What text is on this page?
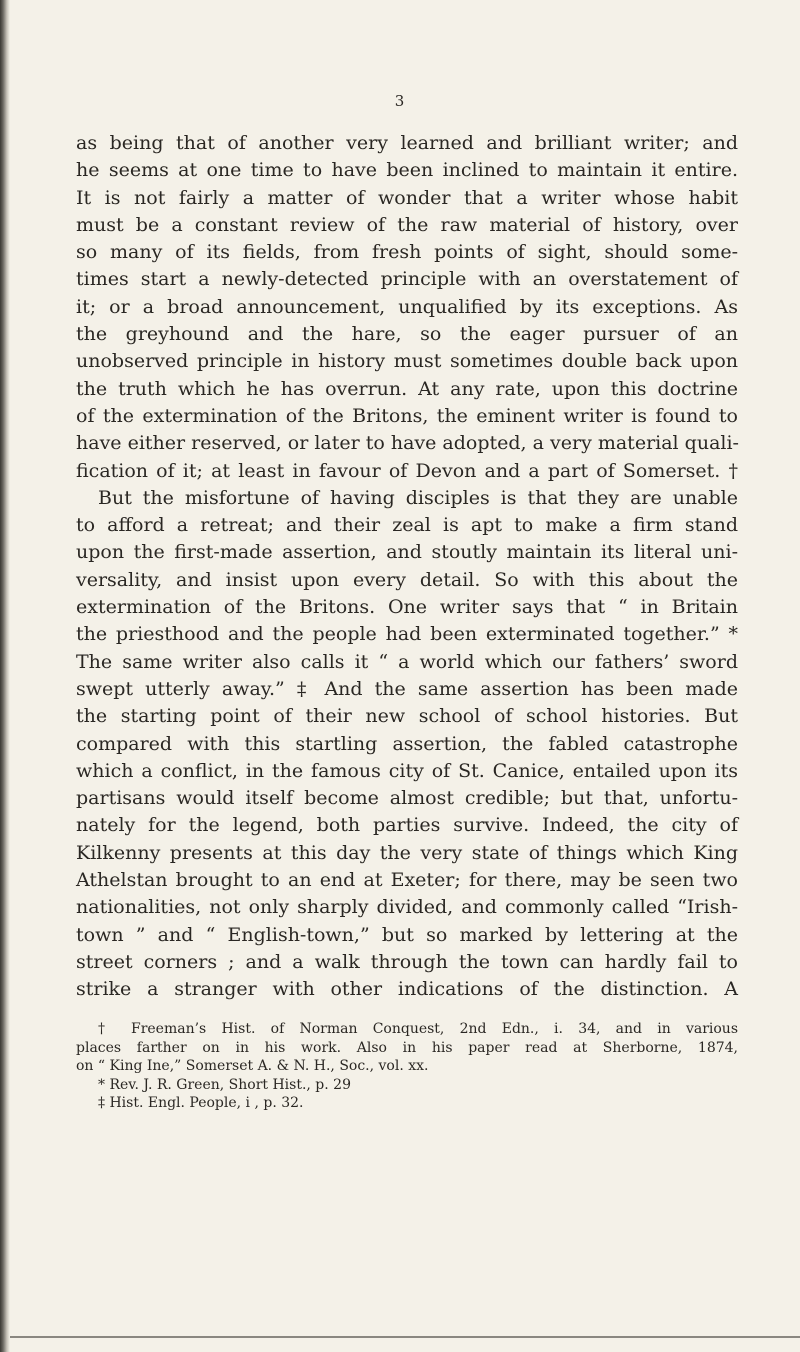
3
as being that of another very learned and brilliant writer; and
he seems at one time to have been inclined to maintain it entire.
It is not fairly a matter of wonder that a writer whose habit
must be a constant review of the raw material of history, over
so many of its fields, from fresh points of sight, should some-
times start a newly-detected principle with an overstatement of
it; or a broad announcement, unqualified by its exceptions. As
the greyhound and the hare, so the eager pursuer of an
unobserved principle in history must sometimes double back upon
the truth which he has overrun. At any rate, upon this doctrine
of the extermination of the Britons, the eminent writer is found to
have either reserved, or later to have adopted, a very material quali-
fication of it; at least in favour of Devon and a part of Somerset. †
But the misfortune of having disciples is that they are unable
to afford a retreat; and their zeal is apt to make a firm stand
upon the first-made assertion, and stoutly maintain its literal uni-
versality, and insist upon every detail. So with this about the
extermination of the Britons. One writer says that “ in Britain
the priesthood and the people had been exterminated together.” *
The same writer also calls it “ a world which our fathers’ sword
swept utterly away.” ‡ And the same assertion has been made
the starting point of their new school of school histories. But
compared with this startling assertion, the fabled catastrophe
which a conflict, in the famous city of St. Canice, entailed upon its
partisans would itself become almost credible; but that, unfortu-
nately for the legend, both parties survive. Indeed, the city of
Kilkenny presents at this day the very state of things which King
Athelstan brought to an end at Exeter; for there, may be seen two
nationalities, not only sharply divided, and commonly called “Irish-
town ” and “ English-town,” but so marked by lettering at the
street corners ; and a walk through the town can hardly fail to
strike a stranger with other indications of the distinction. A
† Freeman’s Hist. of Norman Conquest, 2nd Edn., i. 34, and in various
places farther on in his work. Also in his paper read at Sherborne, 1874,
on “ King Ine,” Somerset A. & N. H., Soc., vol. xx.
* Rev. J. R. Green, Short Hist., p. 29
‡ Hist. Engl. People, i , p. 32.
